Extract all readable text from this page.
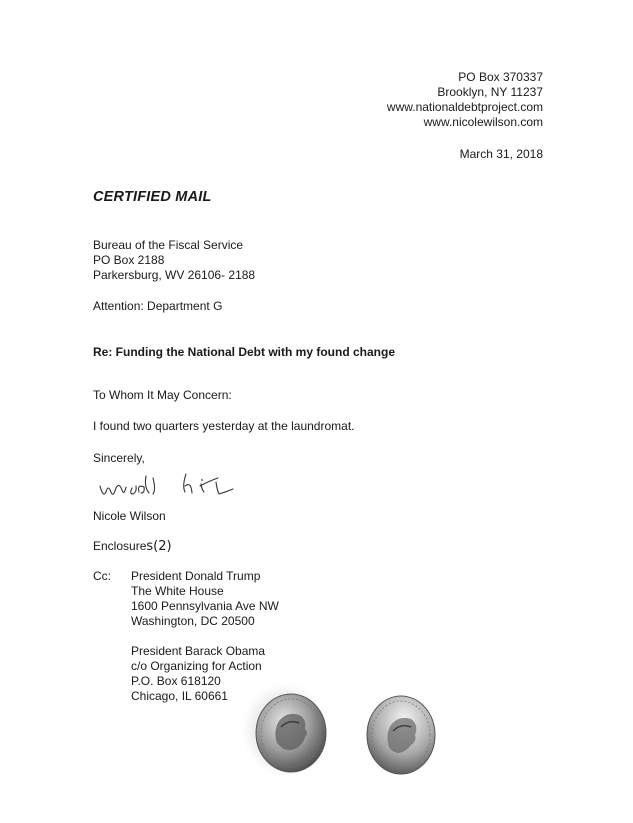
PO Box 370337
Brooklyn, NY 11237
www.nationaldebtproject.com
www.nicolewilson.com
March 31, 2018
CERTIFIED MAIL
Bureau of the Fiscal Service
PO Box 2188
Parkersburg, WV 26106- 2188
Attention: Department G
Re: Funding the National Debt with my found change
To Whom It May Concern:
I found two quarters yesterday at the laundromat.
Sincerely,
Nicole Wilson
Enclosures(2)
Cc: President Donald Trump
The White House
1600 Pennsylvania Ave NW
Washington, DC 20500
President Barack Obama
c/o Organizing for Action
P.O. Box 618120
Chicago, IL 60661
